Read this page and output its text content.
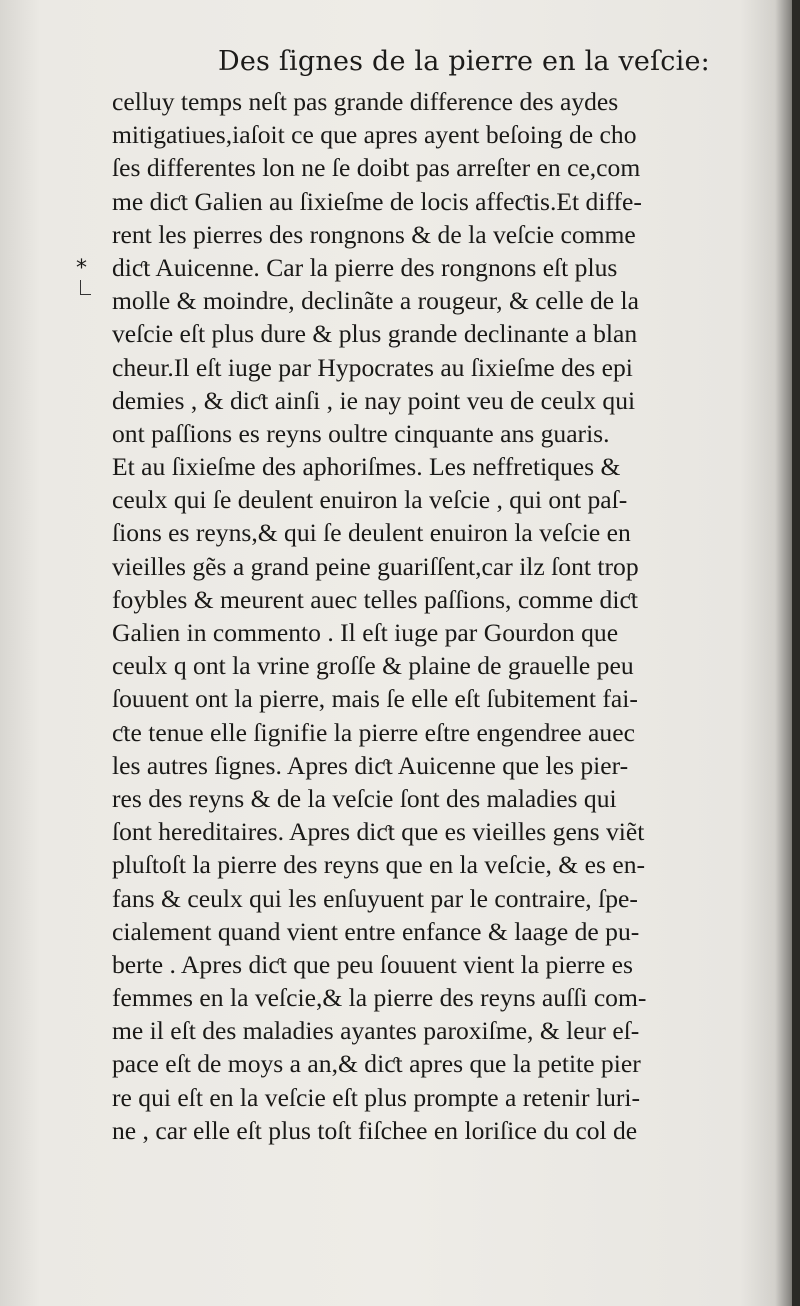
Des ſignes de la pierre en la veſcie:
*
celluy temps neſt pas grande difference des aydes
mitigatiues,iaſoit ce que apres ayent beſoing de cho
ſes differentes lon ne ſe doibt pas arreſter en ce,com
me diƈt Galien au ſixieſme de locis affeƈtis.Et diffe-
rent les pierres des rongnons & de la veſcie comme
diƈt Auicenne. Car la pierre des rongnons eſt plus
molle & moindre, declinãte a rougeur, & celle de la
veſcie eſt plus dure & plus grande declinante a blan
cheur.Il eſt iuge par Hypocrates au ſixieſme des epi
demies , & diƈt ainſi , ie nay point veu de ceulx qui
ont paſſions es reyns oultre cinquante ans guaris.
Et au ſixieſme des aphoriſmes. Les neffretiques &
ceulx qui ſe deulent enuiron la veſcie , qui ont paſ-
ſions es reyns,& qui ſe deulent enuiron la veſcie en
vieilles gẽs a grand peine guariſſent,car ilz ſont trop
foybles & meurent auec telles paſſions, comme diƈt
Galien in commento . Il eſt iuge par Gourdon que
ceulx q ont la vrine groſſe & plaine de grauelle peu
ſouuent ont la pierre, mais ſe elle eſt ſubitement fai-
ƈte tenue elle ſignifie la pierre eſtre engendree auec
les autres ſignes. Apres diƈt Auicenne que les pier-
res des reyns & de la veſcie ſont des maladies qui
ſont hereditaires. Apres diƈt que es vieilles gens viẽt
pluſtoſt la pierre des reyns que en la veſcie, & es en-
fans & ceulx qui les enſuyuent par le contraire, ſpe-
cialement quand vient entre enfance & laage de pu-
berte . Apres diƈt que peu ſouuent vient la pierre es
femmes en la veſcie,& la pierre des reyns auſſi com-
me il eſt des maladies ayantes paroxiſme, & leur eſ-
pace eſt de moys a an,& diƈt apres que la petite pier
re qui eſt en la veſcie eſt plus prompte a retenir luri-
ne , car elle eſt plus toſt fiſchee en loriſice du col de
